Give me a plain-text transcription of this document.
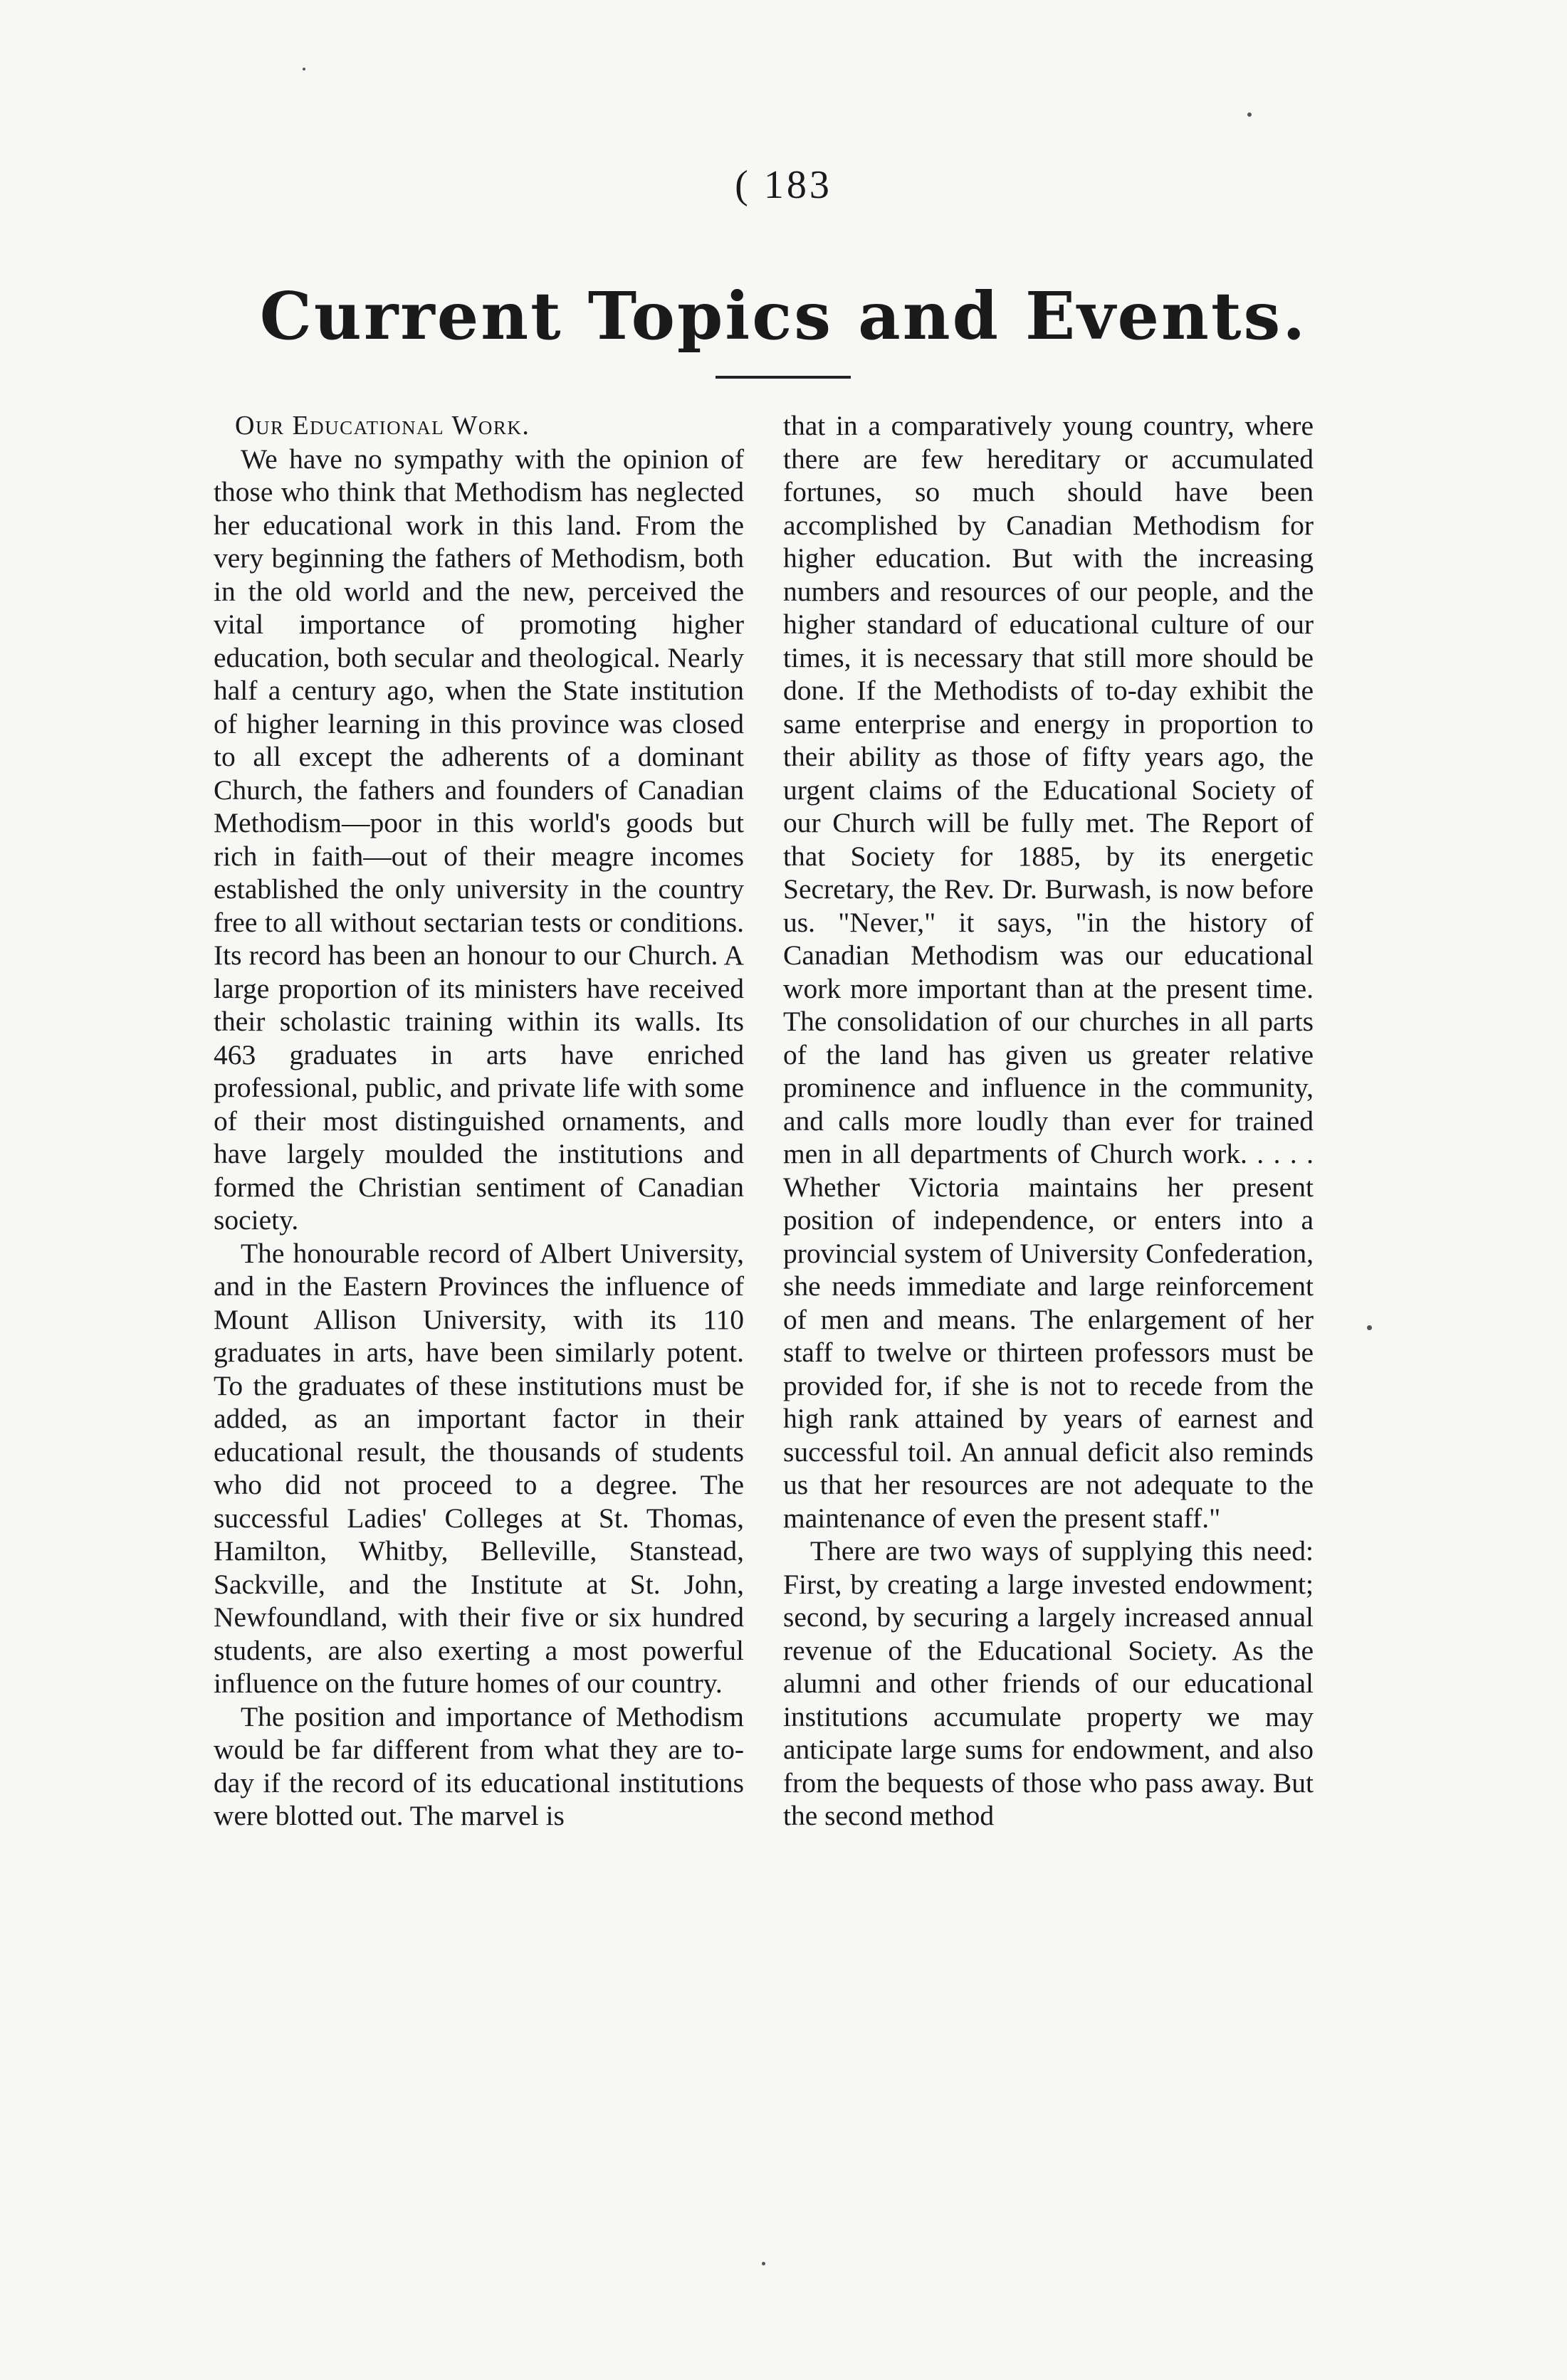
( 183
Current Topics and Events.
Our Educational Work.

We have no sympathy with the opinion of those who think that Methodism has neglected her educational work in this land. From the very beginning the fathers of Methodism, both in the old world and the new, perceived the vital importance of promoting higher education, both secular and theological. Nearly half a century ago, when the State institution of higher learning in this province was closed to all except the adherents of a dominant Church, the fathers and founders of Canadian Methodism—poor in this world's goods but rich in faith—out of their meagre incomes established the only university in the country free to all without sectarian tests or conditions. Its record has been an honour to our Church. A large proportion of its ministers have received their scholastic training within its walls. Its 463 graduates in arts have enriched professional, public, and private life with some of their most distinguished ornaments, and have largely moulded the institutions and formed the Christian sentiment of Canadian society.

The honourable record of Albert University, and in the Eastern Provinces the influence of Mount Allison University, with its 110 graduates in arts, have been similarly potent. To the graduates of these institutions must be added, as an important factor in their educational result, the thousands of students who did not proceed to a degree. The successful Ladies' Colleges at St. Thomas, Hamilton, Whitby, Belleville, Stanstead, Sackville, and the Institute at St. John, Newfoundland, with their five or six hundred students, are also exerting a most powerful influence on the future homes of our country.

The position and importance of Methodism would be far different from what they are to-day if the record of its educational institutions were blotted out. The marvel is

that in a comparatively young country, where there are few hereditary or accumulated fortunes, so much should have been accomplished by Canadian Methodism for higher education. But with the increasing numbers and resources of our people, and the higher standard of educational culture of our times, it is necessary that still more should be done. If the Methodists of to-day exhibit the same enterprise and energy in proportion to their ability as those of fifty years ago, the urgent claims of the Educational Society of our Church will be fully met. The Report of that Society for 1885, by its energetic Secretary, the Rev. Dr. Burwash, is now before us. "Never," it says, "in the history of Canadian Methodism was our educational work more important than at the present time. The consolidation of our churches in all parts of the land has given us greater relative prominence and influence in the community, and calls more loudly than ever for trained men in all departments of Church work. . . . . Whether Victoria maintains her present position of independence, or enters into a provincial system of University Confederation, she needs immediate and large reinforcement of men and means. The enlargement of her staff to twelve or thirteen professors must be provided for, if she is not to recede from the high rank attained by years of earnest and successful toil. An annual deficit also reminds us that her resources are not adequate to the maintenance of even the present staff."

There are two ways of supplying this need: First, by creating a large invested endowment; second, by securing a largely increased annual revenue of the Educational Society. As the alumni and other friends of our educational institutions accumulate property we may anticipate large sums for endowment, and also from the bequests of those who pass away. But the second method
